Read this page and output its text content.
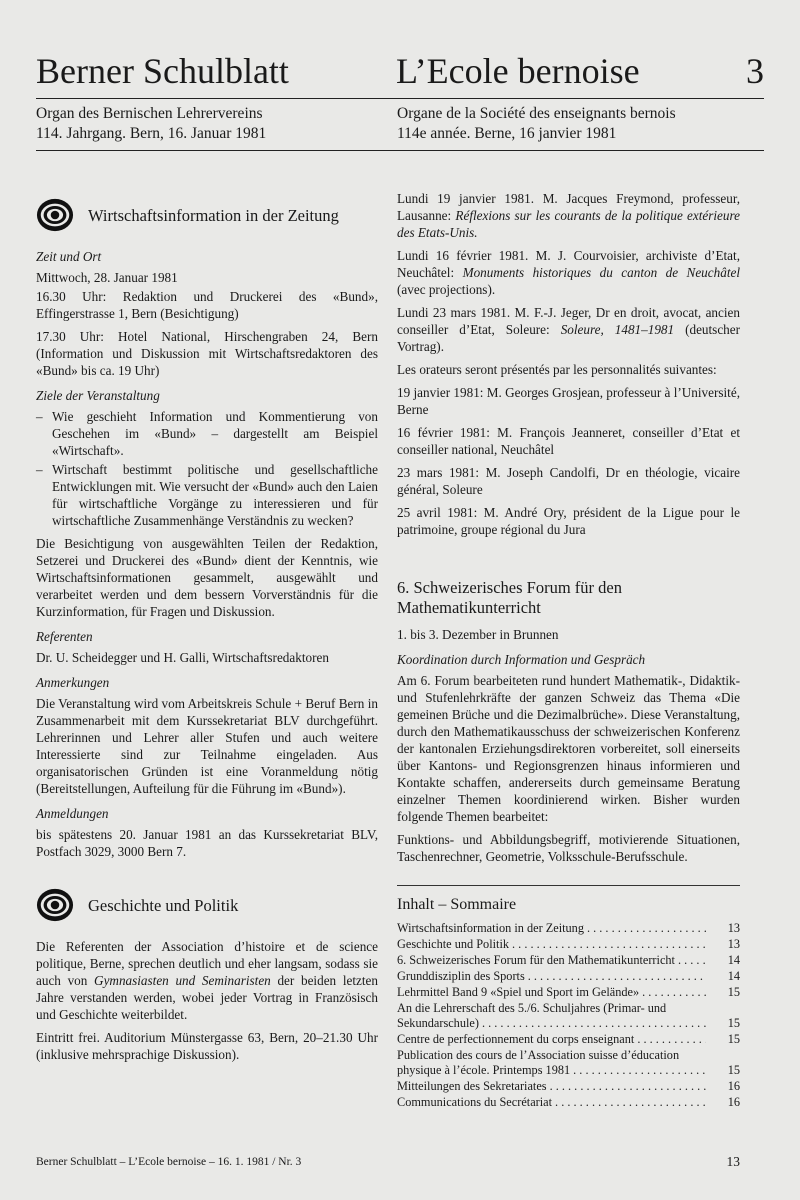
Berner Schulblatt	L’Ecole bernoise	3
Organ des Bernischen Lehrervereins
114. Jahrgang. Bern, 16. Januar 1981
Organe de la Société des enseignants bernois
114e année. Berne, 16 janvier 1981
Wirtschaftsinformation in der Zeitung
Zeit und Ort

Mittwoch, 28. Januar 1981

16.30 Uhr: Redaktion und Druckerei des «Bund», Effingerstrasse 1, Bern (Besichtigung)

17.30 Uhr: Hotel National, Hirschengraben 24, Bern (Information und Diskussion mit Wirtschaftsredaktoren des «Bund» bis ca. 19 Uhr)

Ziele der Veranstaltung
– Wie geschieht Information und Kommentierung von Geschehen im «Bund» – dargestellt am Beispiel «Wirtschaft».
– Wirtschaft bestimmt politische und gesellschaftliche Entwicklungen mit. Wie versucht der «Bund» auch den Laien für wirtschaftliche Vorgänge zu interessieren und für wirtschaftliche Zusammenhänge Verständnis zu wecken?

Die Besichtigung von ausgewählten Teilen der Redaktion, Setzerei und Druckerei des «Bund» dient der Kenntnis, wie Wirtschaftsinformationen gesammelt, ausgewählt und verarbeitet werden und dem bessern Vorverständnis für die Kurzinformation, für Fragen und Diskussion.

Referenten

Dr. U. Scheidegger und H. Galli, Wirtschaftsredaktoren

Anmerkungen

Die Veranstaltung wird vom Arbeitskreis Schule + Beruf Bern in Zusammenarbeit mit dem Kurssekretariat BLV durchgeführt. Lehrerinnen und Lehrer aller Stufen und auch weitere Interessierte sind zur Teilnahme eingeladen. Aus organisatorischen Gründen ist eine Voranmeldung nötig (Bereitstellungen, Aufteilung für die Führung im «Bund»).

Anmeldungen

bis spätestens 20. Januar 1981 an das Kurssekretariat BLV, Postfach 3029, 3000 Bern 7.

Geschichte und Politik

Die Referenten der Association d’histoire et de science politique, Berne, sprechen deutlich und eher langsam, sodass sie auch von Gymnasiasten und Seminaristen der beiden letzten Jahre verstanden werden, wobei jeder Vortrag in Französisch und Geschichte weiterbildet.

Eintritt frei. Auditorium Münstergasse 63, Bern, 20–21.30 Uhr (inklusive mehrsprachige Diskussion).

Lundi 19 janvier 1981. M. Jacques Freymond, professeur, Lausanne: Réflexions sur les courants de la politique extérieure des Etats-Unis.

Lundi 16 février 1981. M. J. Courvoisier, archiviste d’Etat, Neuchâtel: Monuments historiques du canton de Neuchâtel (avec projections).

Lundi 23 mars 1981. M. F.-J. Jeger, Dr en droit, avocat, ancien conseiller d’Etat, Soleure: Soleure, 1481–1981 (deutscher Vortrag).

Les orateurs seront présentés par les personnalités suivantes:

19 janvier 1981: M. Georges Grosjean, professeur à l’Université, Berne

16 février 1981: M. François Jeanneret, conseiller d’Etat et conseiller national, Neuchâtel

23 mars 1981: M. Joseph Candolfi, Dr en théologie, vicaire général, Soleure

25 avril 1981: M. André Ory, président de la Ligue pour le patrimoine, groupe régional du Jura

6. Schweizerisches Forum für den Mathematikunterricht

1. bis 3. Dezember in Brunnen

Koordination durch Information und Gespräch

Am 6. Forum bearbeiteten rund hundert Mathematik-, Didaktik- und Stufenlehrkräfte der ganzen Schweiz das Thema «Die gemeinen Brüche und die Dezimalbrüche». Diese Veranstaltung, durch den Mathematikausschuss der schweizerischen Konferenz der kantonalen Erziehungsdirektoren vorbereitet, soll einerseits über Kantons- und Regionsgrenzen hinaus informieren und Kontakte schaffen, andererseits durch gemeinsame Beratung einzelner Themen koordinierend wirken. Bisher wurden folgende Themen bearbeitet:

Funktions- und Abbildungsbegriff, motivierende Situationen, Taschenrechner, Geometrie, Volksschule-Berufsschule.

Inhalt – Sommaire
Wirtschaftsinformation in der Zeitung . . .	13
Geschichte und Politik . . .	13
6. Schweizerisches Forum für den Mathematikunterricht . . .	14
Grunddisziplin des Sports . . .	14
Lehrmittel Band 9 «Spiel und Sport im Gelände» . . .	15
An die Lehrerschaft des 5./6. Schuljahres (Primar- und Sekundarschule) . . .	15
Centre de perfectionnement du corps enseignant . . .	15
Publication des cours de l’Association suisse d’éducation physique à l’école. Printemps 1981 . . .	15
Mitteilungen des Sekretariates . . .	16
Communications du Secrétariat . . .	16
Berner Schulblatt – L’Ecole bernoise – 16. 1. 1981 / Nr. 3	13
